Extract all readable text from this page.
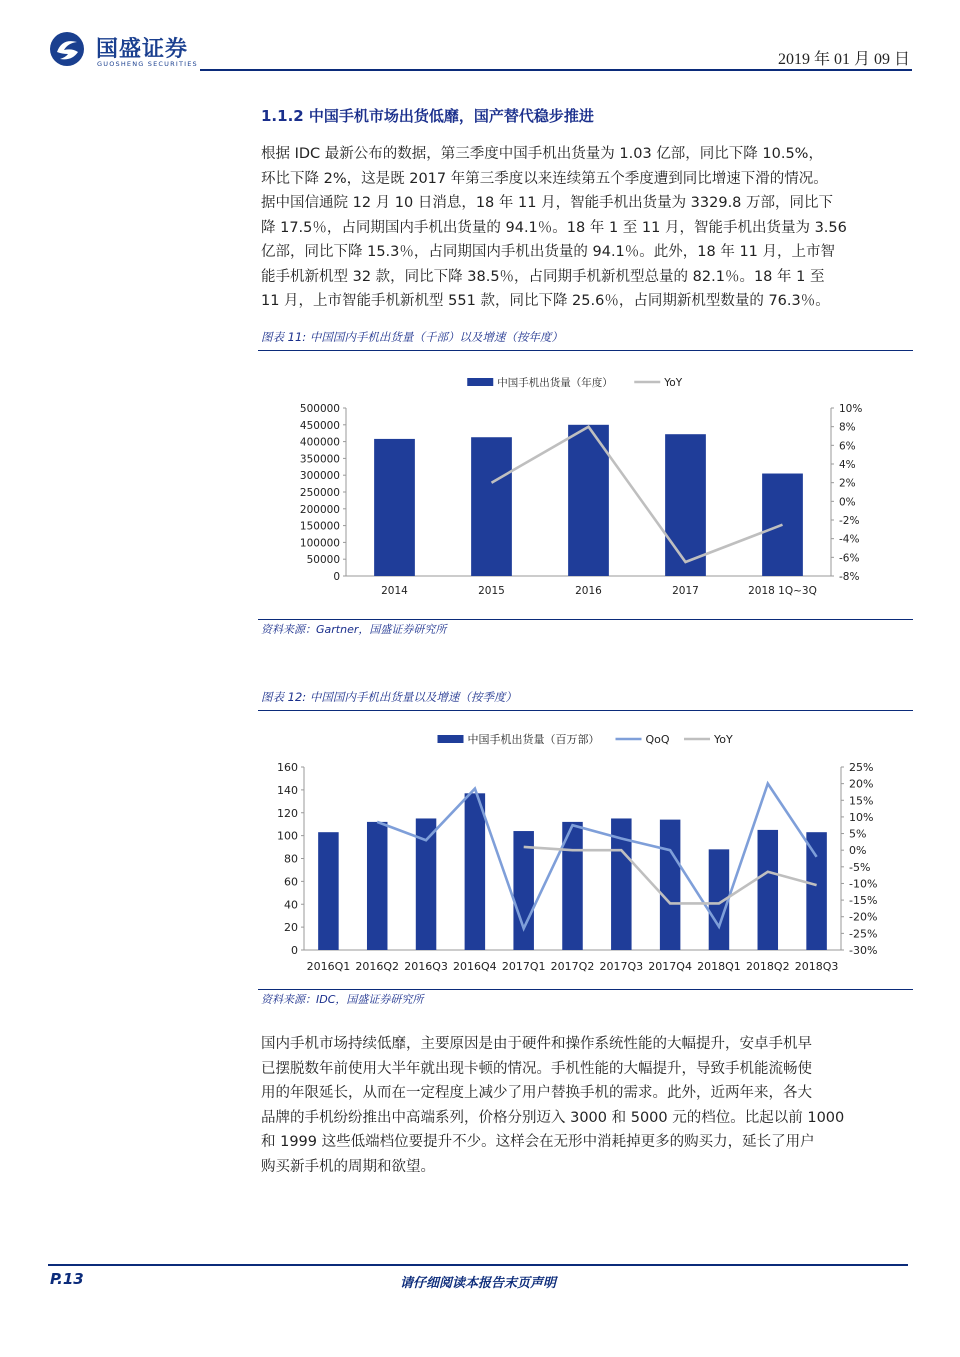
国盛证券
GUOSHENG SECURITIES	2019 年 01 月 09 日
1.1.2 中国手机市场出货低靡，国产替代稳步推进
根据 IDC 最新公布的数据，第三季度中国手机出货量为 1.03 亿部，同比下降 10.5%，
环比下降 2%，这是既 2017 年第三季度以来连续第五个季度遭到同比增速下滑的情况。
据中国信通院 12 月 10 日消息，18 年 11 月，智能手机出货量为 3329.8 万部，同比下
降 17.5％，占同期国内手机出货量的 94.1％。18 年 1 至 11 月，智能手机出货量为 3.56
亿部，同比下降 15.3％，占同期国内手机出货量的 94.1％。此外，18 年 11 月，上市智
能手机新机型 32 款，同比下降 38.5％，占同期手机新机型总量的 82.1％。18 年 1 至
11 月，上市智能手机新机型 551 款，同比下降 25.6％，占同期新机型数量的 76.3％。
图表 11: 中国国内手机出货量（千部）以及增速（按年度）
500000
450000
400000
350000
300000
250000
200000
150000
100000
50000
0
10%
8%
6%
4%
2%
0%
-2%
-4%
-6%
-8%
2014	2015	2016	2017	2018 1Q~3Q
中国手机出货量（年度）	YoY
资料来源：Gartner，国盛证券研究所
图表 12: 中国国内手机出货量以及增速（按季度）
160
140
120
100
80
60
40
20
0
25%
20%
15%
10%
5%
0%
-5%
-10%
-15%
-20%
-25%
-30%
2016Q1 2016Q2 2016Q3 2016Q4 2017Q1 2017Q2 2017Q3 2017Q4 2018Q1 2018Q2 2018Q3
中国手机出货量（百万部）	QoQ	YoY
资料来源：IDC，国盛证券研究所
国内手机市场持续低靡，主要原因是由于硬件和操作系统性能的大幅提升，安卓手机早
已摆脱数年前使用大半年就出现卡顿的情况。手机性能的大幅提升，导致手机能流畅使
用的年限延长，从而在一定程度上减少了用户替换手机的需求。此外，近两年来，各大
品牌的手机纷纷推出中高端系列，价格分别迈入 3000 和 5000 元的档位。比起以前 1000
和 1999 这些低端档位要提升不少。这样会在无形中消耗掉更多的购买力，延长了用户
购买新手机的周期和欲望。
P.13	请仔细阅读本报告末页声明
